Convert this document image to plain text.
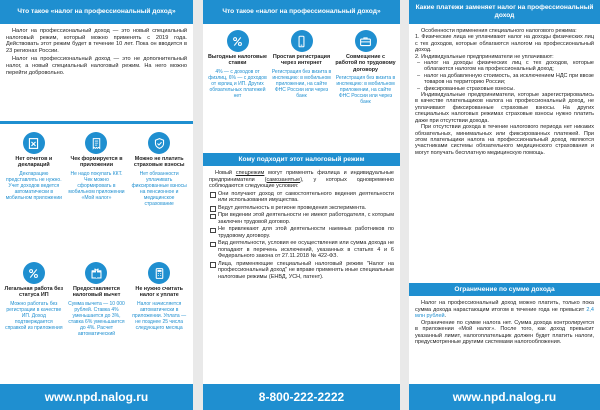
Что такое «налог на профессиональный доход»

Налог на профессиональный доход — это новый специальный налоговый режим, который можно применять с 2019 года. Действовать этот режим будет в течение 10 лет. Пока он вводится в 23 регионах России.

Налог на профессиональный доход — это не дополнительный налог, а новый специальный налоговый режим. На него можно перейти добровольно.

Нет отчетов и деклараций
Декларацию представлять не нужно. Учет доходов ведется автоматически в мобильном приложении
Чек формируется в приложении
Не надо покупать ККТ. Чек можно сформировать в мобильном приложении «Мой налог»
Можно не платить страховые взносы
Нет обязанности уплачивать фиксированные взносы на пенсионное и медицинское страхование
Легальная работа без статуса ИП
Можно работать без регистрации в качестве ИП. Доход подтверждается справкой из приложения
Предоставляется налоговый вычет
Сумма вычета — 10 000 рублей. Ставка 4% уменьшается до 3%, ставка 6% уменьшается до 4%. Расчет автоматический
Не нужно считать налог к уплате
Налог начисляется автоматически в приложении. Уплата — не позднее 25 числа следующего месяца
www.npd.nalog.ru
Что такое «налог на профессиональный доход»
Выгодные налоговые ставки
4% — с доходов от физлиц, 6% — с доходов от юрлиц и ИП. Других обязательных платежей нет
Простая регистрация через интернет
Регистрация без визита в инспекцию: в мобильном приложении, на сайте ФНС России или через банк
Совмещение с работой по трудовому договору
Регистрация без визита в инспекцию: в мобильном приложении, на сайте ФНС России или через банк
Кому подходит этот налоговый режим

Новый спецрежим могут применять физлица и индивидуальные предприниматели (самозанятые), у которых одновременно соблюдаются следующие условия:

Они получают доход от самостоятельного ведения деятельности или использования имущества.

Ведут деятельность в регионе проведения эксперимента.

При ведении этой деятельности не имеют работодателя, с которым заключен трудовой договор.

Не привлекают для этой деятельности наемных работников по трудовому договору.

Вид деятельности, условия ее осуществления или сумма дохода не попадают в перечень исключений, указанных в статьях 4 и 6 Федерального закона от 27.11.2018 № 422-ФЗ.

Лица, применяющие специальный налоговый режим "Налог на профессиональный доход" не вправе применять иные специальные налоговые режимы (ЕНВД, УСН, патент).

8-800-222-2222
Какие платежи заменяет налог на профессиональный доход

Особенности применения специального налогового режима:

1. Физические лица не уплачивают налог на доходы физических лиц с тех доходов, которые облагаются налогом на профессиональный доход.

2. Индивидуальные предприниматели не уплачивают:

– налог на доходы физических лиц с тех доходов, которые облагаются налогом на профессиональный доход;

– налог на добавленную стоимость, за исключением НДС при ввозе товаров на территорию России;

– фиксированные страховые взносы.

Индивидуальные предприниматели, которые зарегистрировались в качестве плательщиков налога на профессиональный доход, не уплачивают фиксированные страховые взносы. На других специальных налоговых режимах страховые взносы нужно платить даже при отсутствии дохода.

При отсутствии дохода в течение налогового периода нет никаких обязательных, минимальных или фиксированных платежей. При этом плательщики налога на профессиональный доход являются участниками системы обязательного медицинского страхования и могут получать бесплатную медицинскую помощь.

Ограничение по сумме дохода

Налог на профессиональный доход можно платить, только пока сумма дохода нарастающим итогом в течение года не превысит 2,4 млн рублей.

Ограничение по сумме налога нет. Сумма дохода контролируется в приложении «Мой налог». После того, как доход превысит указанный лимит, налогоплательщик должен будет платить налоги, предусмотренные другими системами налогообложения.

www.npd.nalog.ru
